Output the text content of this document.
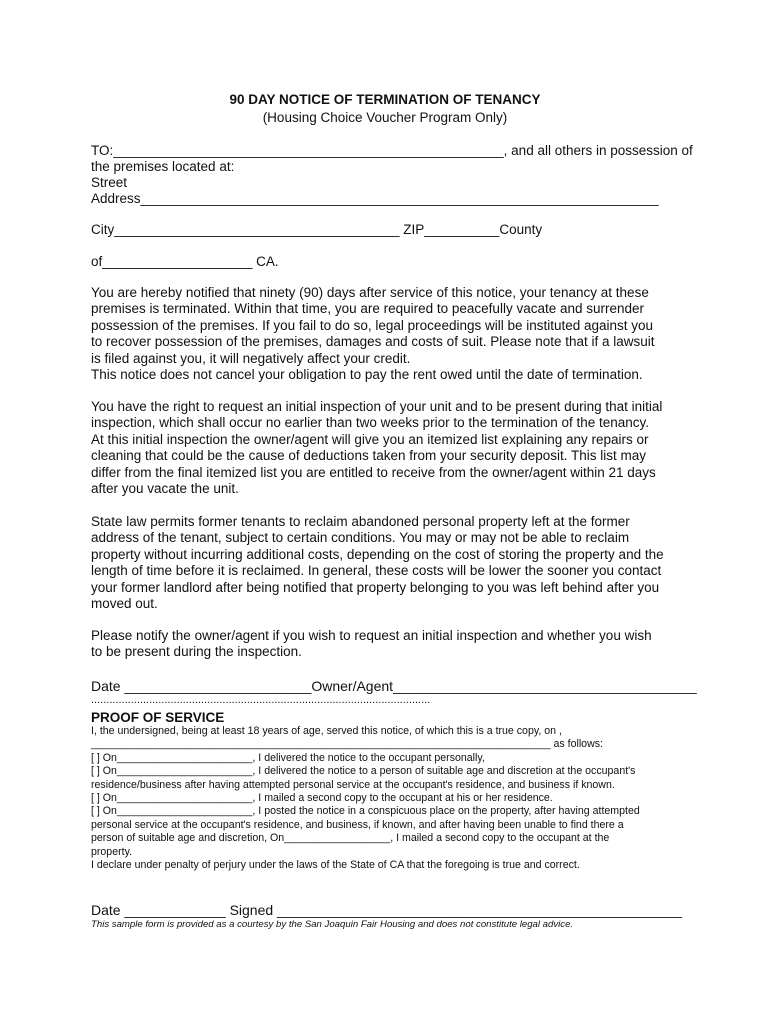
90 DAY NOTICE OF TERMINATION OF TENANCY

(Housing Choice Voucher Program Only)

TO:____________________________________________________, and all others in possession of

the premises located at:

Street

Address_____________________________________________________________________

City______________________________________ ZIP__________County

of____________________ CA.

You are hereby notified that ninety (90) days after service of this notice, your tenancy at these
premises is terminated. Within that time, you are required to peacefully vacate and surrender
possession of the premises. If you fail to do so, legal proceedings will be instituted against you
to recover possession of the premises, damages and costs of suit. Please note that if a lawsuit
is filed against you, it will negatively affect your credit.
This notice does not cancel your obligation to pay the rent owed until the date of termination.
You have the right to request an initial inspection of your unit and to be present during that initial
inspection, which shall occur no earlier than two weeks prior to the termination of the tenancy.
At this initial inspection the owner/agent will give you an itemized list explaining any repairs or
cleaning that could be the cause of deductions taken from your security deposit. This list may
differ from the final itemized list you are entitled to receive from the owner/agent within 21 days
after you vacate the unit.
State law permits former tenants to reclaim abandoned personal property left at the former
address of the tenant, subject to certain conditions. You may or may not be able to reclaim
property without incurring additional costs, depending on the cost of storing the property and the
length of time before it is reclaimed. In general, these costs will be lower the sooner you contact
your former landlord after being notified that property belonging to you was left behind after you
moved out.
Please notify the owner/agent if you wish to request an initial inspection and whether you wish
to be present during the inspection.

Date ________________________Owner/Agent_______________________________________

...............................................................................................................

PROOF OF SERVICE

I, the undersigned, being at least 18 years of age, served this notice, of which this is a true copy, on ,
______________________________________________________________________________ as follows:
[ ] On_______________________, I delivered the notice to the occupant personally,
[ ] On_______________________, I delivered the notice to a person of suitable age and discretion at the occupant's
residence/business after having attempted personal service at the occupant's residence, and business if known.
[ ] On_______________________, I mailed a second copy to the occupant at his or her residence.
[ ] On_______________________, I posted the notice in a conspicuous place on the property, after having attempted
personal service at the occupant's residence, and business, if known, and after having been unable to find there a
person of suitable age and discretion, On__________________, I mailed a second copy to the occupant at the
property.
I declare under penalty of perjury under the laws of the State of CA that the foregoing is true and correct.

Date _____________ Signed ____________________________________________________

This sample form is provided as a courtesy by the San Joaquin Fair Housing and does not constitute legal advice.
